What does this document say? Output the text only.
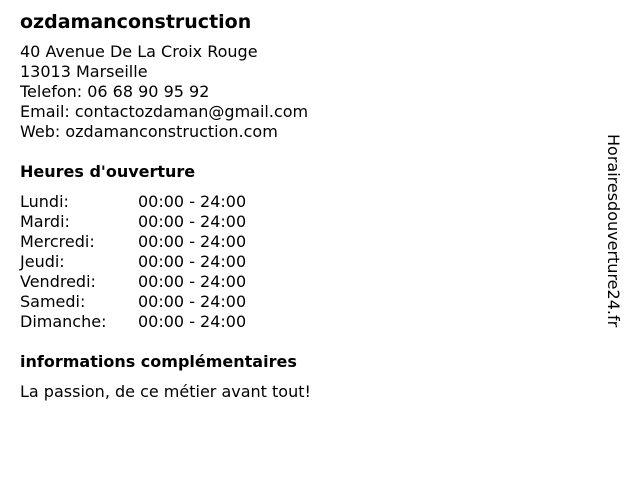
ozdamanconstruction
40 Avenue De La Croix Rouge
13013 Marseille
Telefon: 06 68 90 95 92
Email: contactozdaman@gmail.com
Web: ozdamanconstruction.com
Heures d'ouverture
Lundi:	00:00 - 24:00
Mardi:	00:00 - 24:00
Mercredi:	00:00 - 24:00
Jeudi:	00:00 - 24:00
Vendredi:	00:00 - 24:00
Samedi:	00:00 - 24:00
Dimanche:	00:00 - 24:00
informations complémentaires
La passion, de ce métier avant tout!
Horairesdouverture24.fr
